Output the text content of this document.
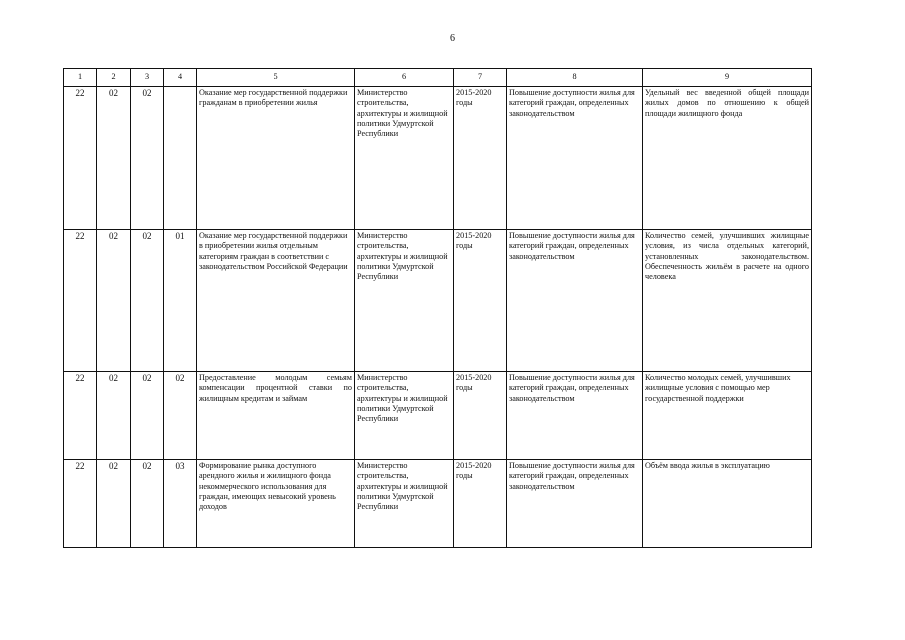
6
1	2	3	4	5	6	7	8	9
22	02	02		Оказание мер государственной поддержки гражданам в приобретении жилья	Министерство строительства, архитектуры и жилищной политики Удмуртской Республики	2015-2020 годы	Повышение доступности жилья для категорий граждан, определенных законодательством	Удельный вес введенной общей площади жилых домов по отношению к общей площади жилищного фонда
22	02	02	01	Оказание мер государственной поддержки в приобретении жилья отдельным категориям граждан в соответствии с законодательством Российской Федерации	Министерство строительства, архитектуры и жилищной политики Удмуртской Республики	2015-2020 годы	Повышение доступности жилья для категорий граждан, определенных законодательством	Количество семей, улучшивших жилищные условия, из числа отдельных категорий, установленных законодательством. Обеспеченность жильём в расчете на одного человека
22	02	02	02	Предоставление молодым семьям компенсации процентной ставки по жилищным кредитам и займам	Министерство строительства, архитектуры и жилищной политики Удмуртской Республики	2015-2020 годы	Повышение доступности жилья для категорий граждан, определенных законодательством	Количество молодых семей, улучшивших жилищные условия с помощью мер государственной поддержки
22	02	02	03	Формирование рынка доступного арендного жилья и жилищного фонда некоммерческого использования для граждан, имеющих невысокий уровень доходов	Министерство строительства, архитектуры и жилищной политики Удмуртской Республики	2015-2020 годы	Повышение доступности жилья для категорий граждан, определенных законодательством	Объём ввода жилья в эксплуатацию
